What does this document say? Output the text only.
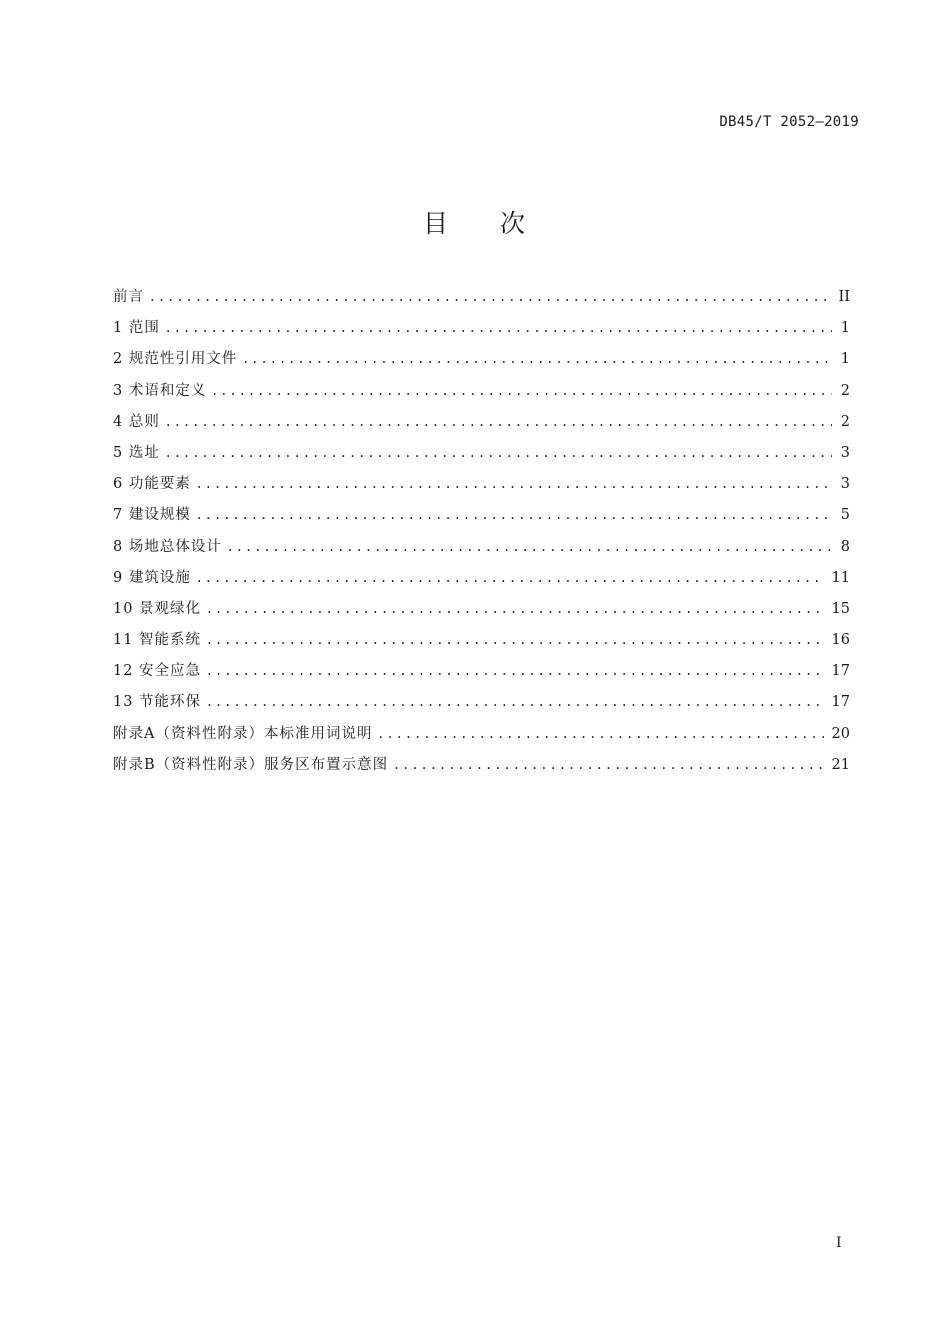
DB45/T 2052—2019
目 次
前言 . . .	II
1 范围 . . .	1
2 规范性引用文件 . . .	1
3 术语和定义 . . .	2
4 总则 . . .	2
5 选址 . . .	3
6 功能要素 . . .	3
7 建设规模 . . .	5
8 场地总体设计 . . .	8
9 建筑设施 . . .	11
10 景观绿化 . . .	15
11 智能系统 . . .	16
12 安全应急 . . .	17
13 节能环保 . . .	17
附录A（资料性附录）本标准用词说明 . . .	20
附录B（资料性附录）服务区布置示意图 . . .	21
I
